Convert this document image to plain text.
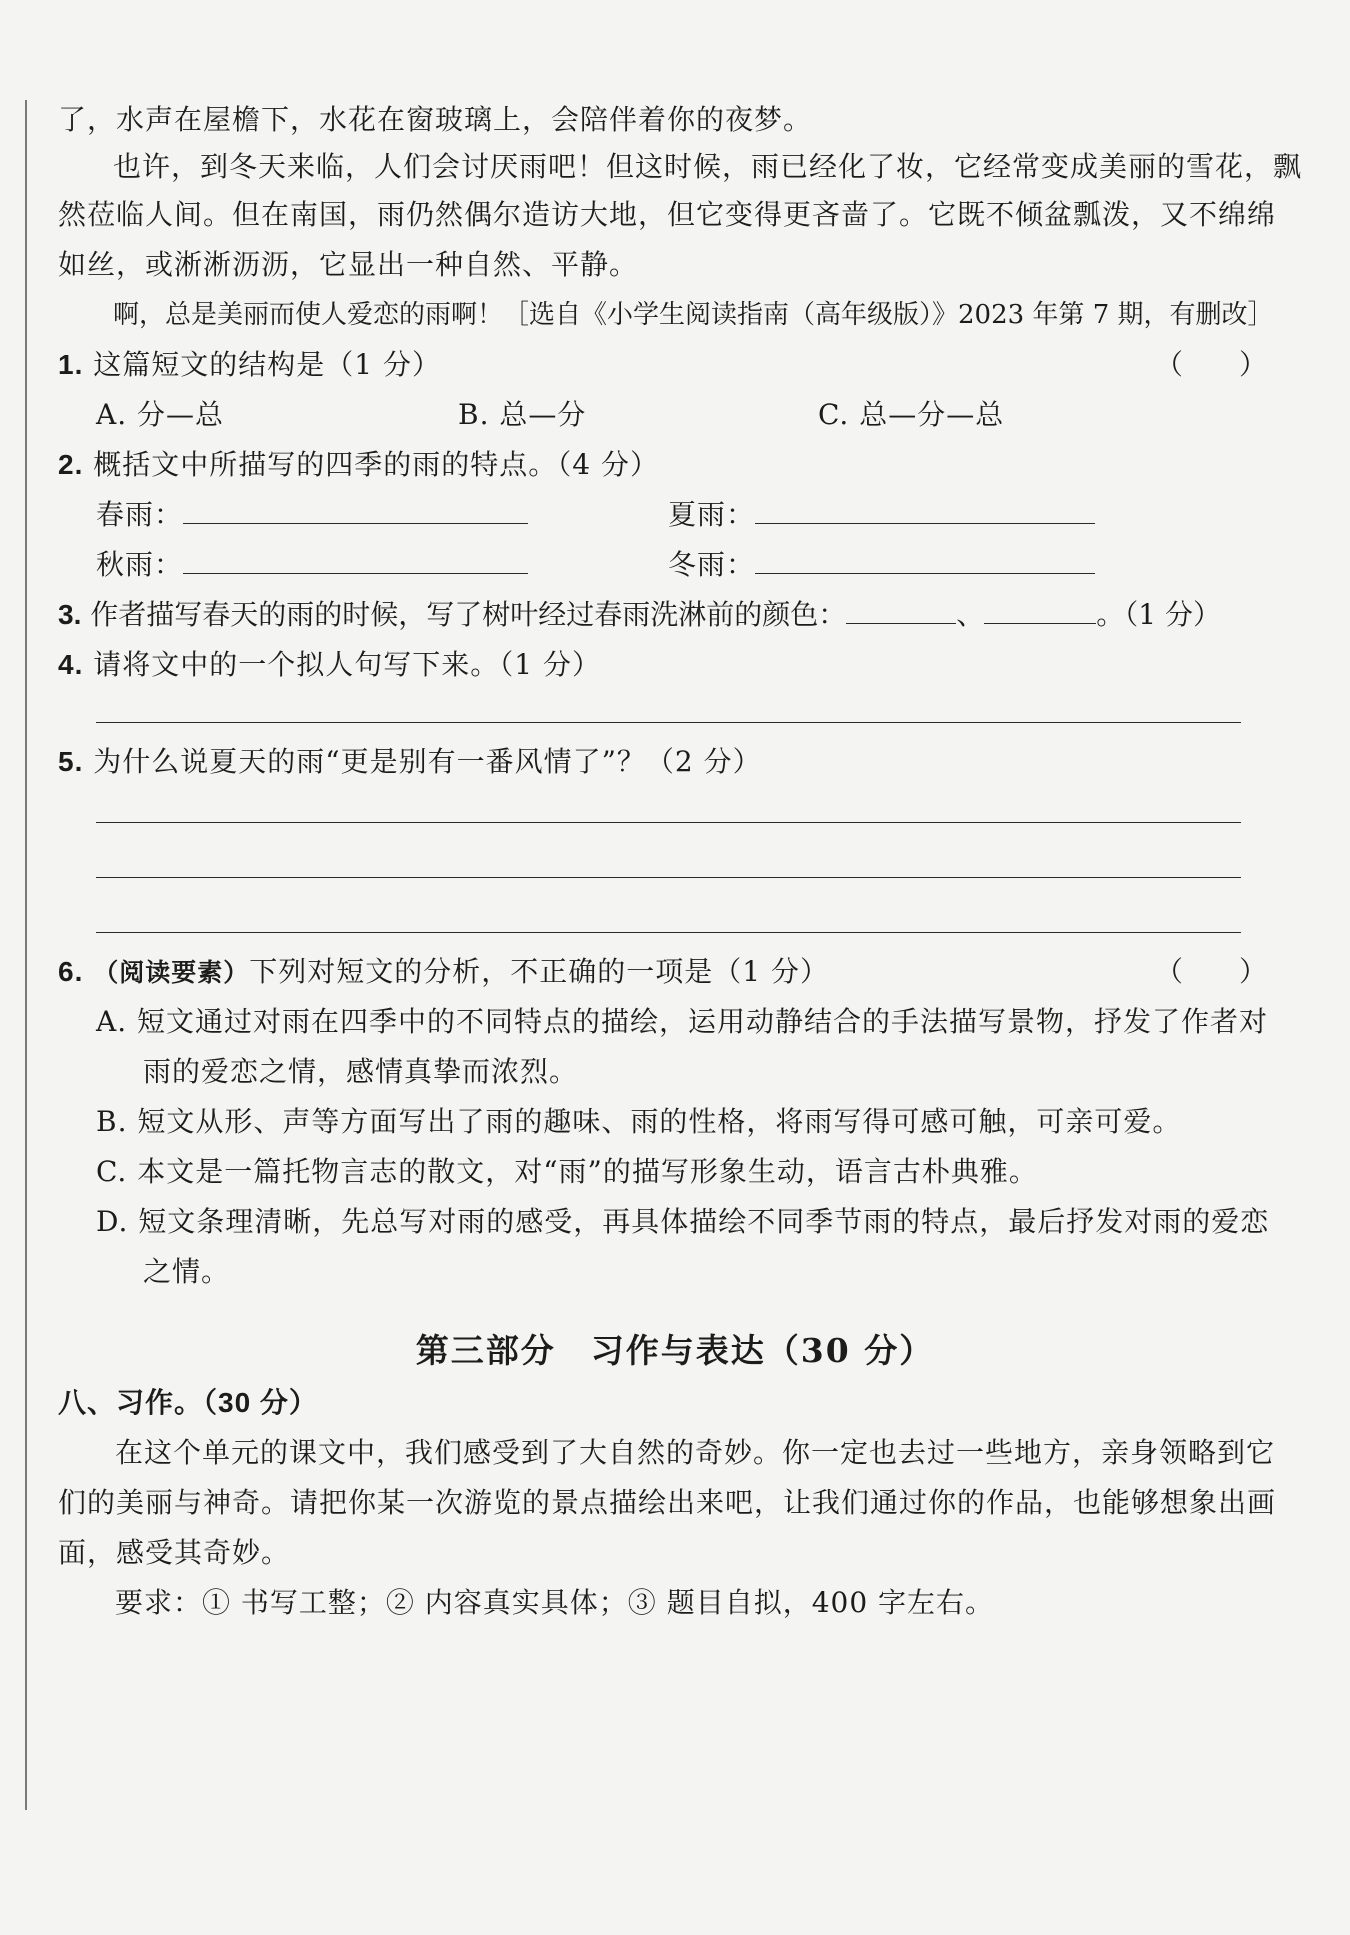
了，水声在屋檐下，水花在窗玻璃上，会陪伴着你的夜梦。
也许，到冬天来临，人们会讨厌雨吧！但这时候，雨已经化了妆，它经常变成美丽的雪花，飘
然莅临人间。但在南国，雨仍然偶尔造访大地，但它变得更吝啬了。它既不倾盆瓢泼，又不绵绵
如丝，或淅淅沥沥，它显出一种自然、平静。
啊，总是美丽而使人爱恋的雨啊！［选自《小学生阅读指南（高年级版）》2023 年第 7 期，有删改］
1. 这篇短文的结构是（1 分）	（　　）
A. 分—总	B. 总—分	C. 总—分—总
2. 概括文中所描写的四季的雨的特点。（4 分）
春雨：	夏雨：
秋雨：	冬雨：
3. 作者描写春天的雨的时候，写了树叶经过春雨洗淋前的颜色：	、	。（1 分）
4. 请将文中的一个拟人句写下来。（1 分）
5. 为什么说夏天的雨“更是别有一番风情了”？（2 分）
6. （阅读要素）下列对短文的分析，不正确的一项是（1 分）	（　　）
A. 短文通过对雨在四季中的不同特点的描绘，运用动静结合的手法描写景物，抒发了作者对
雨的爱恋之情，感情真挚而浓烈。
B. 短文从形、声等方面写出了雨的趣味、雨的性格，将雨写得可感可触，可亲可爱。
C. 本文是一篇托物言志的散文，对“雨”的描写形象生动，语言古朴典雅。
D. 短文条理清晰，先总写对雨的感受，再具体描绘不同季节雨的特点，最后抒发对雨的爱恋
之情。
第三部分　习作与表达（30 分）
八、习作。（30 分）
在这个单元的课文中，我们感受到了大自然的奇妙。你一定也去过一些地方，亲身领略到它
们的美丽与神奇。请把你某一次游览的景点描绘出来吧，让我们通过你的作品，也能够想象出画
面，感受其奇妙。
要求：① 书写工整；② 内容真实具体；③ 题目自拟，400 字左右。
